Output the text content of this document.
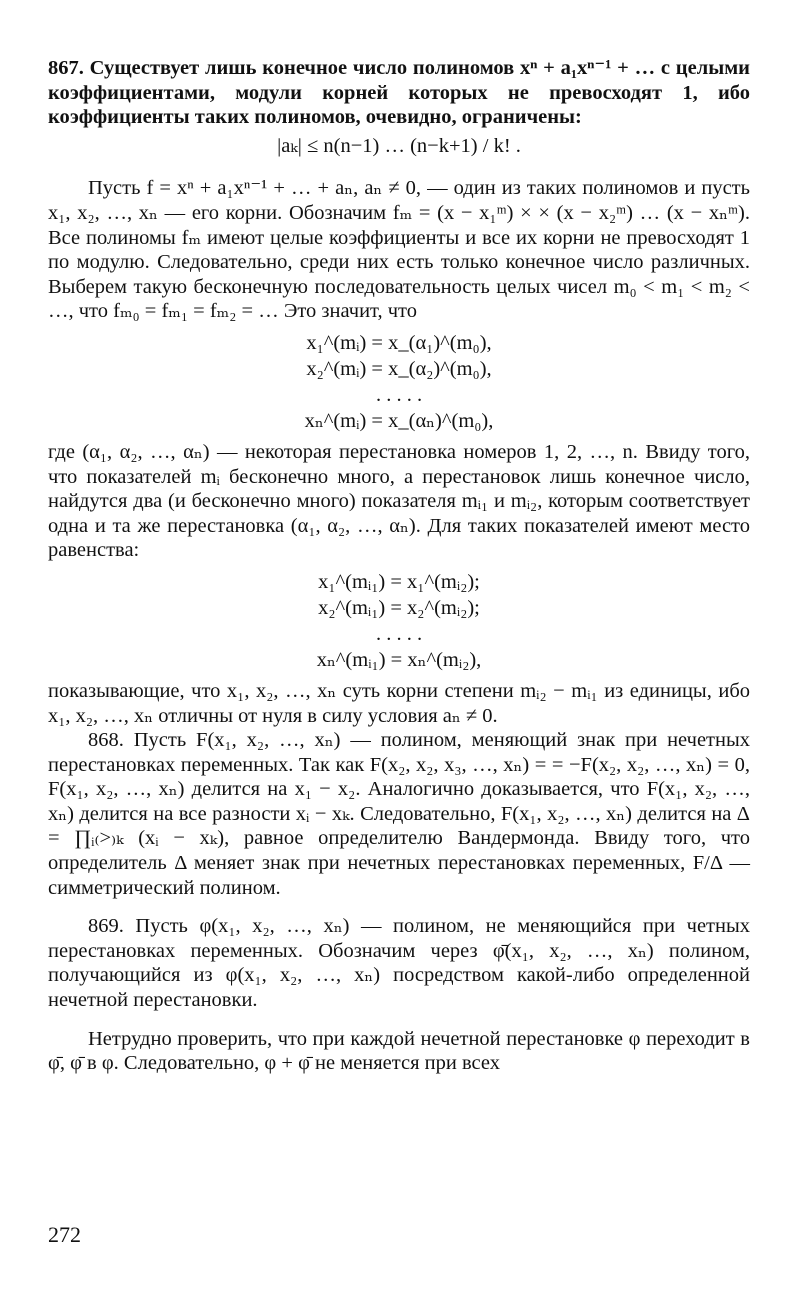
867. Существует лишь конечное число полиномов xⁿ + a₁xⁿ⁻¹ + … с целыми коэффициентами, модули корней которых не превосходят 1, ибо коэффициенты таких полиномов, очевидно, ограничены:

|aₖ| ≤ n(n−1) … (n−k+1) / k! .

Пусть f = xⁿ + a₁xⁿ⁻¹ + … + aₙ, aₙ ≠ 0, — один из таких полиномов и пусть x₁, x₂, …, xₙ — его корни. Обозначим fₘ = (x − x₁ᵐ) × × (x − x₂ᵐ) … (x − xₙᵐ). Все полиномы fₘ имеют целые коэффициенты и все их корни не превосходят 1 по модулю. Следовательно, среди них есть только конечное число различных. Выберем такую бесконечную последовательность целых чисел m₀ < m₁ < m₂ < …, что fₘ₀ = fₘ₁ = fₘ₂ = … Это значит, что

x₁^(mᵢ) = x_(α₁)^(m₀),
x₂^(mᵢ) = x_(α₂)^(m₀),
. . . . .
xₙ^(mᵢ) = x_(αₙ)^(m₀),

где (α₁, α₂, …, αₙ) — некоторая перестановка номеров 1, 2, …, n. Ввиду того, что показателей mᵢ бесконечно много, а перестановок лишь конечное число, найдутся два (и бесконечно много) показателя mᵢ₁ и mᵢ₂, которым соответствует одна и та же перестановка (α₁, α₂, …, αₙ). Для таких показателей имеют место равенства:

x₁^(mᵢ₁) = x₁^(mᵢ₂);
x₂^(mᵢ₁) = x₂^(mᵢ₂);
. . . . .
xₙ^(mᵢ₁) = xₙ^(mᵢ₂),

показывающие, что x₁, x₂, …, xₙ суть корни степени mᵢ₂ − mᵢ₁ из единицы, ибо x₁, x₂, …, xₙ отличны от нуля в силу условия aₙ ≠ 0.

868. Пусть F(x₁, x₂, …, xₙ) — полином, меняющий знак при нечетных перестановках переменных. Так как F(x₂, x₂, x₃, …, xₙ) = = −F(x₂, x₂, …, xₙ) = 0, F(x₁, x₂, …, xₙ) делится на x₁ − x₂. Аналогично доказывается, что F(x₁, x₂, …, xₙ) делится на все разности xᵢ − xₖ. Следовательно, F(x₁, x₂, …, xₙ) делится на Δ = ∏ᵢ₍>₎ₖ (xᵢ − xₖ), равное определителю Вандермонда. Ввиду того, что определитель Δ меняет знак при нечетных перестановках переменных, F/Δ — симметрический полином.

869. Пусть φ(x₁, x₂, …, xₙ) — полином, не меняющийся при четных перестановках переменных. Обозначим через φ̄(x₁, x₂, …, xₙ) полином, получающийся из φ(x₁, x₂, …, xₙ) посредством какой-либо определенной нечетной перестановки.

Нетрудно проверить, что при каждой нечетной перестановке φ переходит в φ̄, φ̄ в φ. Следовательно, φ + φ̄ не меняется при всех

272
